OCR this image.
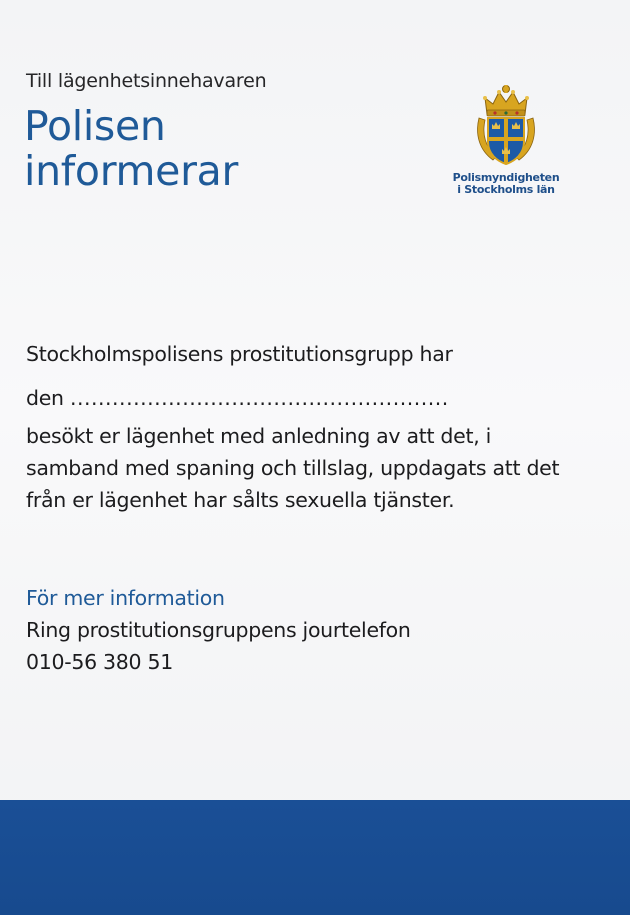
Till lägenhetsinnehavaren
Polisen
informerar	Polismyndigheten
i Stockholms län

Stockholmspolisens prostitutionsgrupp har

den ......................................................

besökt er lägenhet med anledning av att det, i samband med spaning och tillslag, uppdagats att det från er lägenhet har sålts sexuella tjänster.

För mer information

Ring prostitutionsgruppens jourtelefon

010-56 380 51
